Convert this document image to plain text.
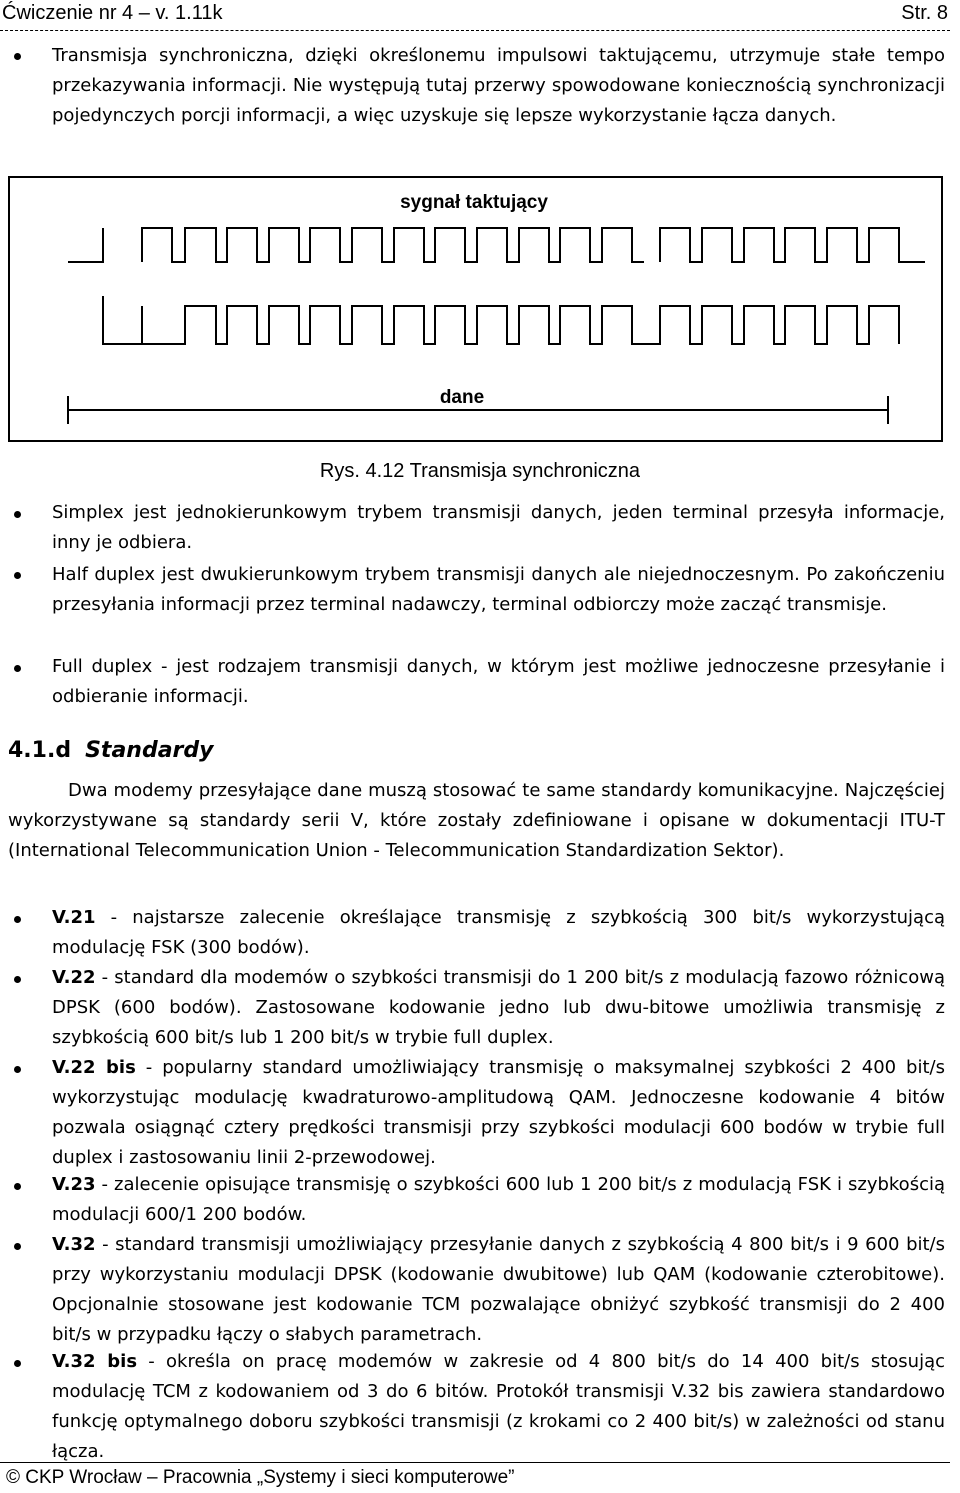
Ćwiczenie nr 4 – v. 1.11k	Str. 8
Transmisja synchroniczna, dzięki określonemu impulsowi taktującemu, utrzymuje stałe tempo przekazywania informacji. Nie występują tutaj przerwy spowodowane koniecznością synchronizacji pojedynczych porcji informacji, a więc uzyskuje się lepsze wykorzystanie łącza danych.
sygnał taktujący
dane
Rys. 4.12 Transmisja synchroniczna
Simplex jest jednokierunkowym trybem transmisji danych, jeden terminal przesyła informacje, inny je odbiera.
Half duplex jest dwukierunkowym trybem transmisji danych ale niejednoczesnym. Po zakończeniu przesyłania informacji przez terminal nadawczy, terminal odbiorczy może zacząć transmisje.
Full duplex - jest rodzajem transmisji danych, w którym jest możliwe jednoczesne przesyłanie i odbieranie informacji.
4.1.d Standardy
Dwa modemy przesyłające dane muszą stosować te same standardy komunikacyjne. Najczęściej wykorzystywane są standardy serii V, które zostały zdefiniowane i opisane w dokumentacji ITU-T (International Telecommunication Union - Telecommunication Standardization Sektor).
V.21 - najstarsze zalecenie określające transmisję z szybkością 300 bit/s wykorzystującą modulację FSK (300 bodów).
V.22 - standard dla modemów o szybkości transmisji do 1 200 bit/s z modulacją fazowo różnicową DPSK (600 bodów). Zastosowane kodowanie jedno lub dwu-bitowe umożliwia transmisję z szybkością 600 bit/s lub 1 200 bit/s w trybie full duplex.
V.22 bis - popularny standard umożliwiający transmisję o maksymalnej szybkości 2 400 bit/s wykorzystując modulację kwadraturowo-amplitudową QAM. Jednoczesne kodowanie 4 bitów pozwala osiągnąć cztery prędkości transmisji przy szybkości modulacji 600 bodów w trybie full duplex i zastosowaniu linii 2-przewodowej.
V.23 - zalecenie opisujące transmisję o szybkości 600 lub 1 200 bit/s z modulacją FSK i szybkością modulacji 600/1 200 bodów.
V.32 - standard transmisji umożliwiający przesyłanie danych z szybkością 4 800 bit/s i 9 600 bit/s przy wykorzystaniu modulacji DPSK (kodowanie dwubitowe) lub QAM (kodowanie czterobitowe). Opcjonalnie stosowane jest kodowanie TCM pozwalające obniżyć szybkość transmisji do 2 400 bit/s w przypadku łączy o słabych parametrach.
V.32 bis - określa on pracę modemów w zakresie od 4 800 bit/s do 14 400 bit/s stosując modulację TCM z kodowaniem od 3 do 6 bitów. Protokół transmisji V.32 bis zawiera standardowo funkcję optymalnego doboru szybkości transmisji (z krokami co 2 400 bit/s) w zależności od stanu łącza.
© CKP Wrocław – Pracownia „Systemy i sieci komputerowe”
